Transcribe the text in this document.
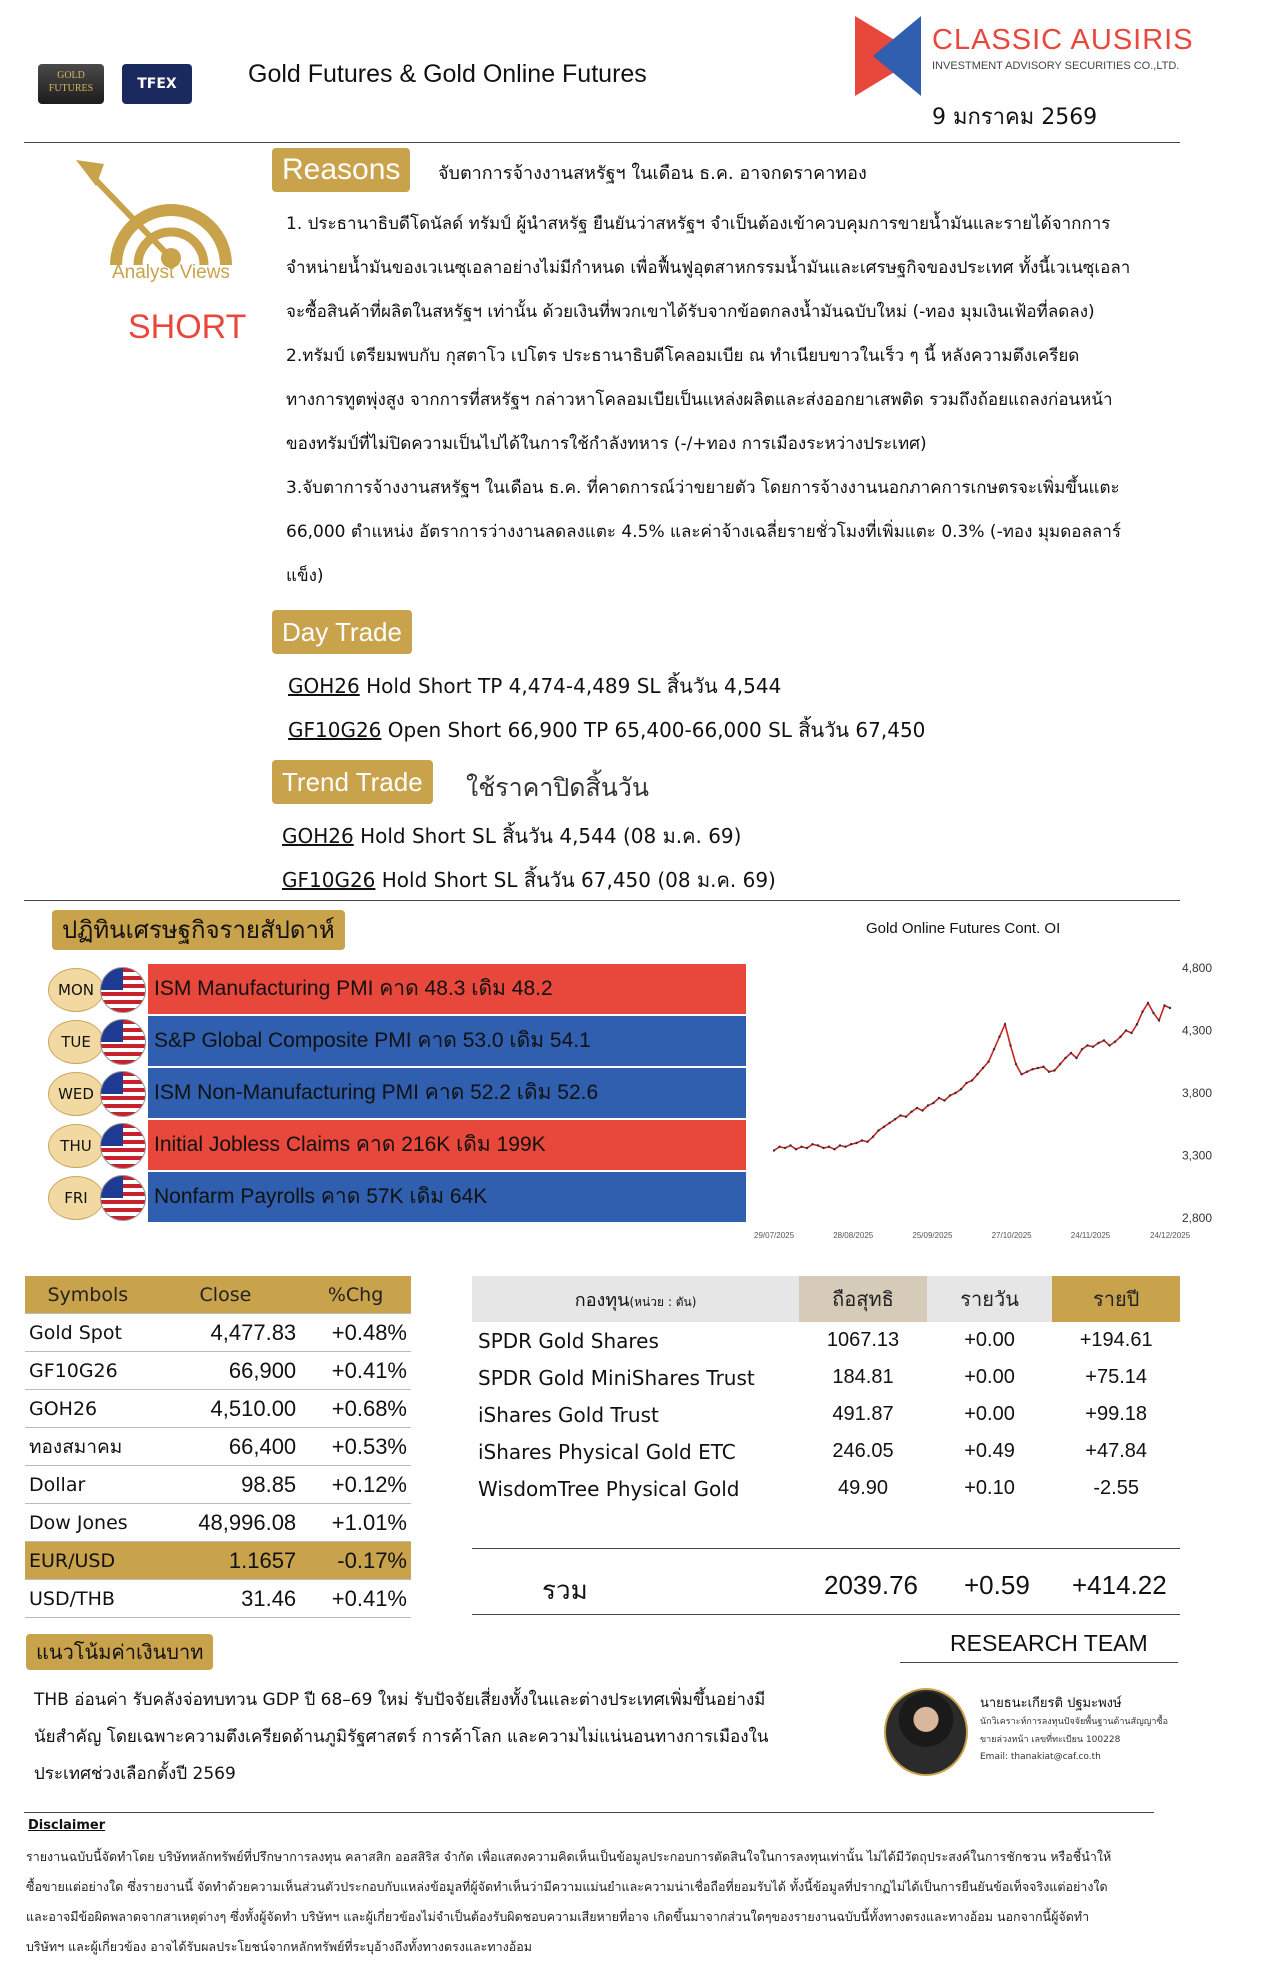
GOLD FUTURES	TFEX	Gold Futures & Gold Online Futures
CLASSIC AUSIRIS
INVESTMENT ADVISORY SECURITIES CO.,LTD.
9 มกราคม 2569
Analyst Views
SHORT
Reasons	จับตาการจ้างงานสหรัฐฯ ในเดือน ธ.ค. อาจกดราคาทอง
1. ประธานาธิบดีโดนัลด์ ทรัมป์ ผู้นำสหรัฐ ยืนยันว่าสหรัฐฯ จำเป็นต้องเข้าควบคุมการขายน้ำมันและรายได้จากการ
จำหน่ายน้ำมันของเวเนซุเอลาอย่างไม่มีกำหนด เพื่อฟื้นฟูอุตสาหกรรมน้ำมันและเศรษฐกิจของประเทศ ทั้งนี้เวเนซุเอลา
จะซื้อสินค้าที่ผลิตในสหรัฐฯ เท่านั้น ด้วยเงินที่พวกเขาได้รับจากข้อตกลงน้ำมันฉบับใหม่ (-ทอง มุมเงินเฟ้อที่ลดลง)
2.ทรัมป์ เตรียมพบกับ กุสตาโว เปโตร ประธานาธิบดีโคลอมเบีย ณ ทำเนียบขาวในเร็ว ๆ นี้ หลังความตึงเครียด
ทางการทูตพุ่งสูง จากการที่สหรัฐฯ กล่าวหาโคลอมเบียเป็นแหล่งผลิตและส่งออกยาเสพติด รวมถึงถ้อยแถลงก่อนหน้า
ของทรัมป์ที่ไม่ปิดความเป็นไปได้ในการใช้กำลังทหาร (-/+ทอง การเมืองระหว่างประเทศ)
3.จับตาการจ้างงานสหรัฐฯ ในเดือน ธ.ค. ที่คาดการณ์ว่าขยายตัว โดยการจ้างงานนอกภาคการเกษตรจะเพิ่มขึ้นแตะ
66,000 ตำแหน่ง อัตราการว่างงานลดลงแตะ 4.5% และค่าจ้างเฉลี่ยรายชั่วโมงที่เพิ่มแตะ 0.3% (-ทอง มุมดอลลาร์
แข็ง)
Day Trade
GOH26 Hold Short TP 4,474-4,489 SL สิ้นวัน 4,544
GF10G26 Open Short 66,900 TP 65,400-66,000 SL สิ้นวัน 67,450
Trend Trade	ใช้ราคาปิดสิ้นวัน
GOH26 Hold Short SL สิ้นวัน 4,544 (08 ม.ค. 69)
GF10G26 Hold Short SL สิ้นวัน 67,450 (08 ม.ค. 69)
ปฏิทินเศรษฐกิจรายสัปดาห์
MON	ISM Manufacturing PMI คาด 48.3 เดิม 48.2
TUE	S&P Global Composite PMI คาด 53.0 เดิม 54.1
WED	ISM Non-Manufacturing PMI คาด 52.2 เดิม 52.6
THU	Initial Jobless Claims คาด 216K เดิม 199K
FRI	Nonfarm Payrolls คาด 57K เดิม 64K
Gold Online Futures Cont. OI
4,800
4,300
3,800
3,300
2,800
29/07/2025	28/08/2025	25/09/2025	27/10/2025	24/11/2025	24/12/2025
Symbols	Close	%Chg
Gold Spot	4,477.83	+0.48%
GF10G26	66,900	+0.41%
GOH26	4,510.00	+0.68%
ทองสมาคม	66,400	+0.53%
Dollar	98.85	+0.12%
Dow Jones	48,996.08	+1.01%
EUR/USD	1.1657	-0.17%
USD/THB	31.46	+0.41%
กองทุน(หน่วย : ตัน)	ถือสุทธิ	รายวัน	รายปี
SPDR Gold Shares	1067.13	+0.00	+194.61
SPDR Gold MiniShares Trust	184.81	+0.00	+75.14
iShares Gold Trust	491.87	+0.00	+99.18
iShares Physical Gold ETC	246.05	+0.49	+47.84
WisdomTree Physical Gold	49.90	+0.10	-2.55
รวม	2039.76 +0.59 +414.22
แนวโน้มค่าเงินบาท
THB อ่อนค่า รับคลังจ่อทบทวน GDP ปี 68–69 ใหม่ รับปัจจัยเสี่ยงทั้งในและต่างประเทศเพิ่มขึ้นอย่างมี
นัยสำคัญ โดยเฉพาะความตึงเครียดด้านภูมิรัฐศาสตร์ การค้าโลก และความไม่แน่นอนทางการเมืองใน
ประเทศช่วงเลือกตั้งปี 2569
RESEARCH TEAM
นายธนะเกียรติ ปฐมะพงษ์
นักวิเคราะห์การลงทุนปัจจัยพื้นฐานด้านสัญญาซื้อ
ขายล่วงหน้า เลขที่ทะเบียน 100228
Email: thanakiat@caf.co.th
Disclaimer
รายงานฉบับนี้จัดทำโดย บริษัทหลักทรัพย์ที่ปรึกษาการลงทุน คลาสสิก ออสสิริส จำกัด เพื่อแสดงความคิดเห็นเป็นข้อมูลประกอบการตัดสินใจในการลงทุนเท่านั้น ไม่ได้มีวัตถุประสงค์ในการชักชวน หรือชี้นำให้
ซื้อขายแต่อย่างใด ซึ่งรายงานนี้ จัดทำด้วยความเห็นส่วนตัวประกอบกับแหล่งข้อมูลที่ผู้จัดทำเห็นว่ามีความแม่นยำและความน่าเชื่อถือที่ยอมรับได้ ทั้งนี้ข้อมูลที่ปรากฏไม่ได้เป็นการยืนยันข้อเท็จจริงแต่อย่างใด
และอาจมีข้อผิดพลาดจากสาเหตุต่างๆ ซึ่งทั้งผู้จัดทำ บริษัทฯ และผู้เกี่ยวข้องไม่จำเป็นต้องรับผิดชอบความเสียหายที่อาจ เกิดขึ้นมาจากส่วนใดๆของรายงานฉบับนี้ทั้งทางตรงและทางอ้อม นอกจากนี้ผู้จัดทำ
บริษัทฯ และผู้เกี่ยวข้อง อาจได้รับผลประโยชน์จากหลักทรัพย์ที่ระบุอ้างถึงทั้งทางตรงและทางอ้อม
